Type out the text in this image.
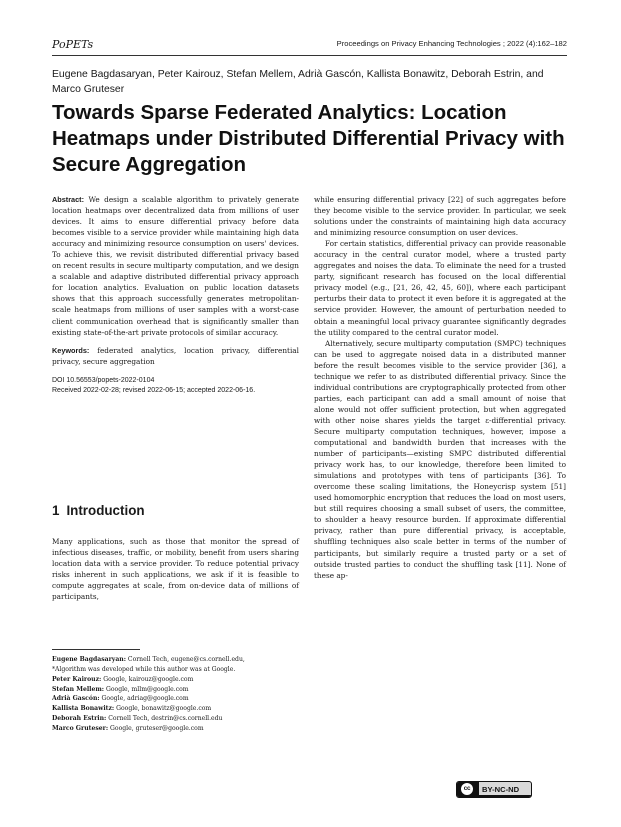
PoPETs	Proceedings on Privacy Enhancing Technologies ; 2022 (4):162–182
Eugene Bagdasaryan, Peter Kairouz, Stefan Mellem, Adrià Gascón, Kallista Bonawitz, Deborah Estrin, and Marco Gruteser
Towards Sparse Federated Analytics: Location Heatmaps under Distributed Differential Privacy with Secure Aggregation

Abstract: We design a scalable algorithm to privately generate location heatmaps over decentralized data from millions of user devices. It aims to ensure differential privacy before data becomes visible to a service provider while maintaining high data accuracy and minimizing resource consumption on users' devices. To achieve this, we revisit distributed differential privacy based on recent results in secure multiparty computation, and we design a scalable and adaptive distributed differential privacy approach for location analytics. Evaluation on public location datasets shows that this approach successfully generates metropolitan-scale heatmaps from millions of user samples with a worst-case client communication overhead that is significantly smaller than existing state-of-the-art private protocols of similar accuracy.

Keywords: federated analytics, location privacy, differential privacy, secure aggregation

DOI 10.56553/popets-2022-0104

Received 2022-02-28; revised 2022-06-15; accepted 2022-06-16.

1 Introduction

Many applications, such as those that monitor the spread of infectious diseases, traffic, or mobility, benefit from users sharing location data with a service provider. To reduce potential privacy risks inherent in such applications, we ask if it is feasible to compute aggregates at scale, from on-device data of millions of participants,

Eugene Bagdasaryan: Cornell Tech, eugene@cs.cornell.edu,
*Algorithm was developed while this author was at Google.
Peter Kairouz: Google, kairouz@google.com
Stefan Mellem: Google, mllm@google.com
Adrià Gascón: Google, adriag@google.com
Kallista Bonawitz: Google, bonawitz@google.com
Deborah Estrin: Cornell Tech, destrin@cs.cornell.edu
Marco Gruteser: Google, gruteser@google.com

while ensuring differential privacy [22] of such aggregates before they become visible to the service provider. In particular, we seek solutions under the constraints of maintaining high data accuracy and minimizing resource consumption on user devices.

For certain statistics, differential privacy can provide reasonable accuracy in the central curator model, where a trusted party aggregates and noises the data. To eliminate the need for a trusted party, significant research has focused on the local differential privacy model (e.g., [21, 26, 42, 45, 60]), where each participant perturbs their data to protect it even before it is aggregated at the service provider. However, the amount of perturbation needed to obtain a meaningful local privacy guarantee significantly degrades the utility compared to the central curator model.

Alternatively, secure multiparty computation (SMPC) techniques can be used to aggregate noised data in a distributed manner before the result becomes visible to the service provider [36], a technique we refer to as distributed differential privacy. Since the individual contributions are cryptographically protected from other parties, each participant can add a small amount of noise that alone would not offer sufficient protection, but when aggregated with other noise shares yields the target ε-differential privacy. Secure multiparty computation techniques, however, impose a computational and bandwidth burden that increases with the number of participants—existing SMPC distributed differential privacy work has, to our knowledge, therefore been limited to simulations and prototypes with tens of participants [36]. To overcome these scaling limitations, the Honeycrisp system [51] used homomorphic encryption that reduces the load on most users, but still requires choosing a small subset of users, the committee, to shoulder a heavy resource burden. If approximate differential privacy, rather than pure differential privacy, is acceptable, shuffling techniques also scale better in terms of the number of participants, but similarly require a trusted party or a set of outside trusted parties to conduct the shuffling task [11]. None of these ap-

cc	BY-NC-ND
